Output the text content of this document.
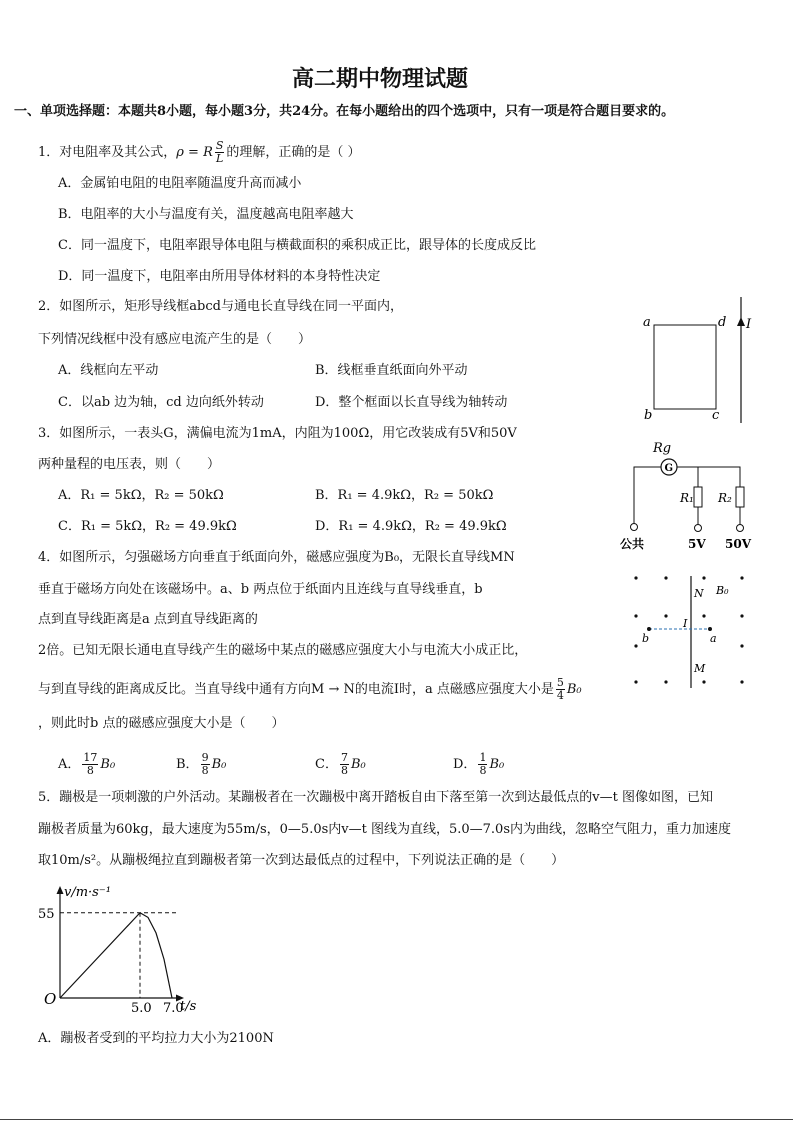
高二期中物理试题
一、单项选择题：本题共8小题，每小题3分，共24分。在每小题给出的四个选项中，只有一项是符合题目要求的。
1．对电阻率及其公式，ρ = R $\frac{S}{L}$ 的理解，正确的是（ ）
A．金属铂电阻的电阻率随温度升高而减小
B．电阻率的大小与温度有关，温度越高电阻率越大
C．同一温度下，电阻率跟导体电阻与横截面积的乘积成正比，跟导体的长度成反比
D．同一温度下，电阻率由所用导体材料的本身特性决定
2．如图所示，矩形导线框abcd与通电长直导线在同一平面内，
下列情况线框中没有感应电流产生的是（　　）
A．线框向左平动	B．线框垂直纸面向外平动
C．以ab 边为轴，cd 边向纸外转动	D．整个框面以长直导线为轴转动
a	d
b	c
I
3．如图所示，一表头G，满偏电流为1mA，内阻为100Ω，用它改装成有5V和50V
两种量程的电压表，则（　　）
A．R₁ = 5kΩ，R₂ = 50kΩ	B．R₁ = 4.9kΩ，R₂ = 50kΩ
C．R₁ = 5kΩ，R₂ = 49.9kΩ	D．R₁ = 4.9kΩ，R₂ = 49.9kΩ
Rg
G
R₁ R₂
公共	5V 50V
4．如图所示，匀强磁场方向垂直于纸面向外，磁感应强度为B₀，无限长直导线MN
垂直于磁场方向处在该磁场中。a、b 两点位于纸面内且连线与直导线垂直，b
点到直导线距离是a 点到直导线距离的
2倍。已知无限长通电直导线产生的磁场中某点的磁感应强度大小与电流大小成正比，
与到直导线的距离成反比。当直导线中通有方向M → N的电流I时，a 点磁感应强度大小是 $\frac{5}{4} B_0$
，则此时b 点的磁感应强度大小是（　　）
A． $\frac{17}{8} B_0$	B． $\frac{9}{8} B_0$	C． $\frac{7}{8} B_0$	D． $\frac{1}{8} B_0$
N B₀
I
b	a
M
5．蹦极是一项刺激的户外活动。某蹦极者在一次蹦极中离开踏板自由下落至第一次到达最低点的v—t 图像如图，已知
蹦极者质量为60kg，最大速度为55m/s，0—5.0s内v—t 图线为直线，5.0—7.0s内为曲线，忽略空气阻力，重力加速度
取10m/s²。从蹦极绳拉直到蹦极者第一次到达最低点的过程中，下列说法正确的是（　　）
v/m·s⁻¹
t/s
O
5.0 7.0
55
A．蹦极者受到的平均拉力大小为2100N
